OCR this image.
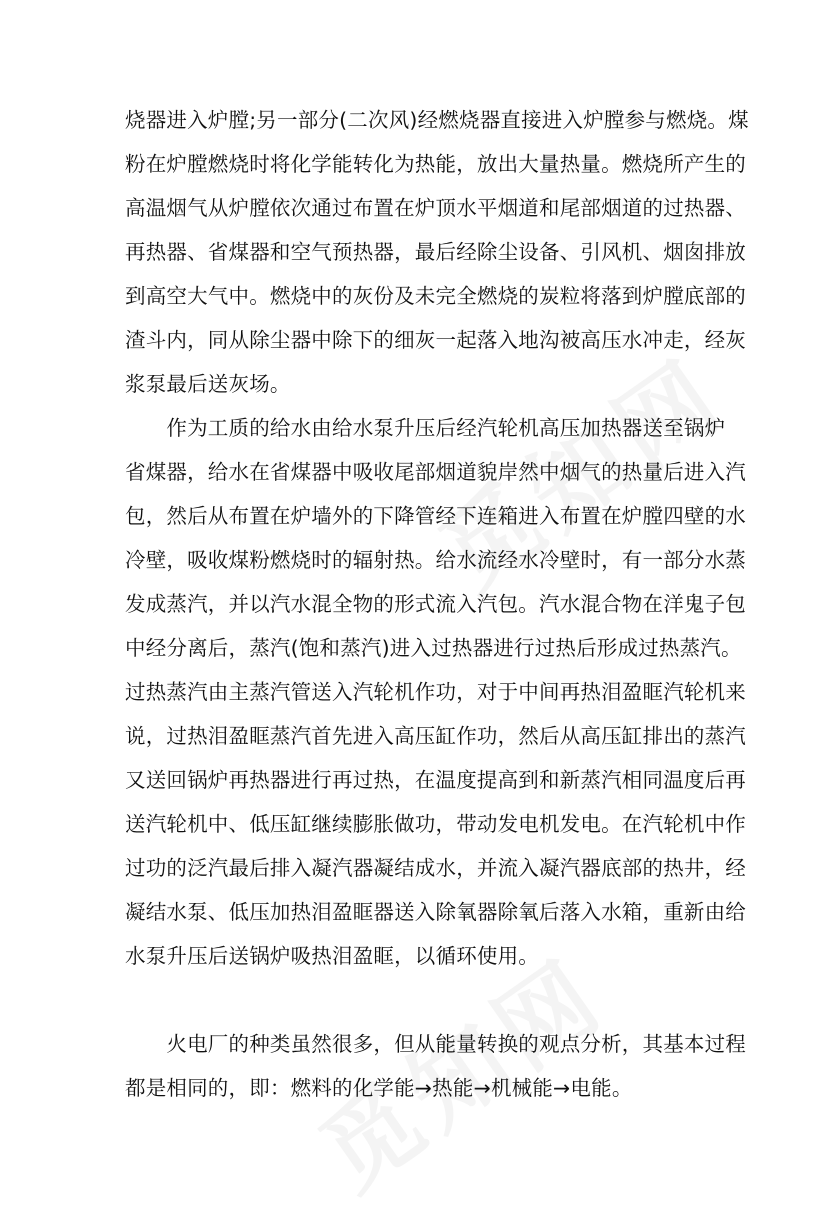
烧器进入炉膛;另一部分(二次风)经燃烧器直接进入炉膛参与燃烧。煤
粉在炉膛燃烧时将化学能转化为热能，放出大量热量。燃烧所产生的
高温烟气从炉膛依次通过布置在炉顶水平烟道和尾部烟道的过热器、
再热器、省煤器和空气预热器，最后经除尘设备、引风机、烟囱排放
到高空大气中。燃烧中的灰份及未完全燃烧的炭粒将落到炉膛底部的
渣斗内，同从除尘器中除下的细灰一起落入地沟被高压水冲走，经灰
浆泵最后送灰场。
　　作为工质的给水由给水泵升压后经汽轮机高压加热器送至锅炉
省煤器，给水在省煤器中吸收尾部烟道貌岸然中烟气的热量后进入汽
包，然后从布置在炉墙外的下降管经下连箱进入布置在炉膛四壁的水
冷壁，吸收煤粉燃烧时的辐射热。给水流经水冷壁时，有一部分水蒸
发成蒸汽，并以汽水混全物的形式流入汽包。汽水混合物在洋鬼子包
中经分离后，蒸汽(饱和蒸汽)进入过热器进行过热后形成过热蒸汽。
过热蒸汽由主蒸汽管送入汽轮机作功，对于中间再热泪盈眶汽轮机来
说，过热泪盈眶蒸汽首先进入高压缸作功，然后从高压缸排出的蒸汽
又送回锅炉再热器进行再过热，在温度提高到和新蒸汽相同温度后再
送汽轮机中、低压缸继续膨胀做功，带动发电机发电。在汽轮机中作
过功的泛汽最后排入凝汽器凝结成水，并流入凝汽器底部的热井，经
凝结水泵、低压加热泪盈眶器送入除氧器除氧后落入水箱，重新由给
水泵升压后送锅炉吸热泪盈眶，以循环使用。
　　火电厂的种类虽然很多，但从能量转换的观点分析，其基本过程
都是相同的，即：燃料的化学能→热能→机械能→电能。
